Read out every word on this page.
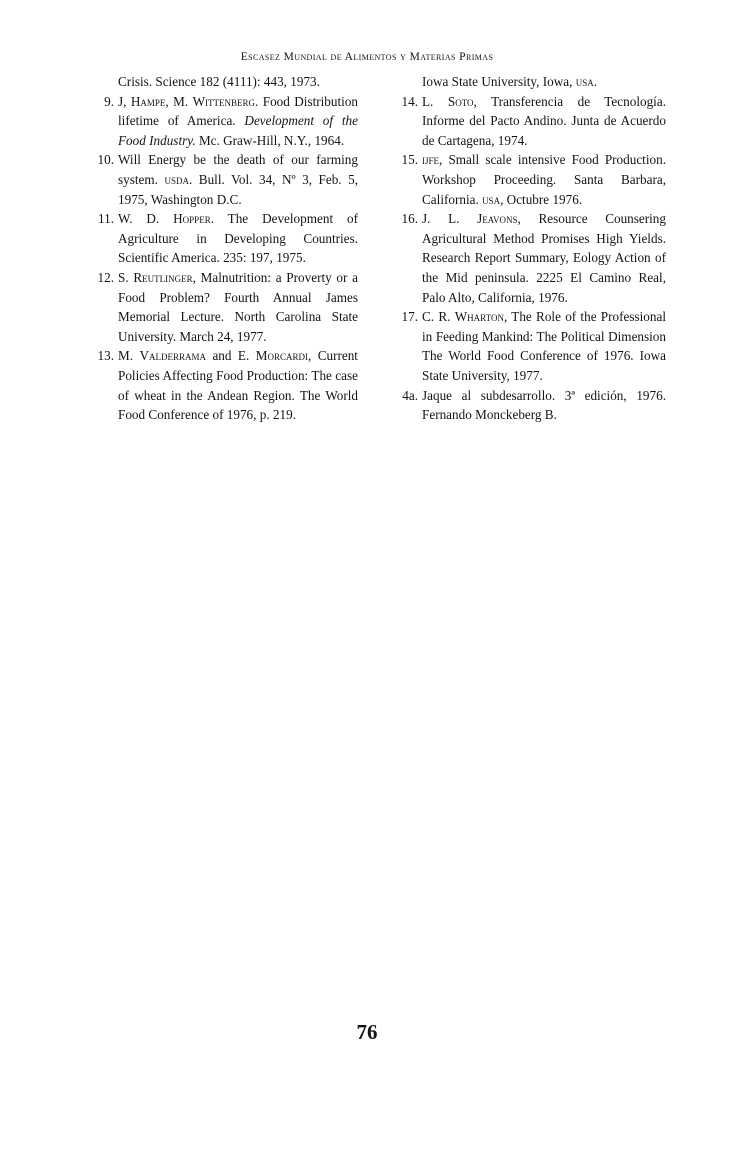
Escasez Mundial de Alimentos y Materias Primas

Crisis. Science 182 (4111): 443, 1973.

9. J, Hampe, M. Wittenberg. Food Distribution lifetime of America. Development of the Food Industry. Mc. Graw-Hill, N.Y., 1964.

10. Will Energy be the death of our farming system. usda. Bull. Vol. 34, Nº 3, Feb. 5, 1975, Washington D.C.

11. W. D. Hopper. The Development of Agriculture in Developing Countries. Scientific America. 235: 197, 1975.

12. S. Reutlinger, Malnutrition: a Proverty or a Food Problem? Fourth Annual James Memorial Lecture. North Carolina State University. March 24, 1977.

13. M. Valderrama and E. Morcardi, Current Policies Affecting Food Production: The case of wheat in the Andean Region. The World Food Conference of 1976, p. 219.

Iowa State University, Iowa, usa.

14. L. Soto, Transferencia de Tecnología. Informe del Pacto Andino. Junta de Acuerdo de Cartagena, 1974.

15. ijfe, Small scale intensive Food Production. Workshop Proceeding. Santa Barbara, California. usa, Octubre 1976.

16. J. L. Jeavons, Resource Counsering Agricultural Method Promises High Yields. Research Report Summary, Eology Action of the Mid peninsula. 2225 El Camino Real, Palo Alto, California, 1976.

17. C. R. Wharton, The Role of the Professional in Feeding Mankind: The Political Dimension The World Food Conference of 1976. Iowa State University, 1977.

4a. Jaque al subdesarrollo. 3ª edición, 1976. Fernando Monckeberg B.

76
